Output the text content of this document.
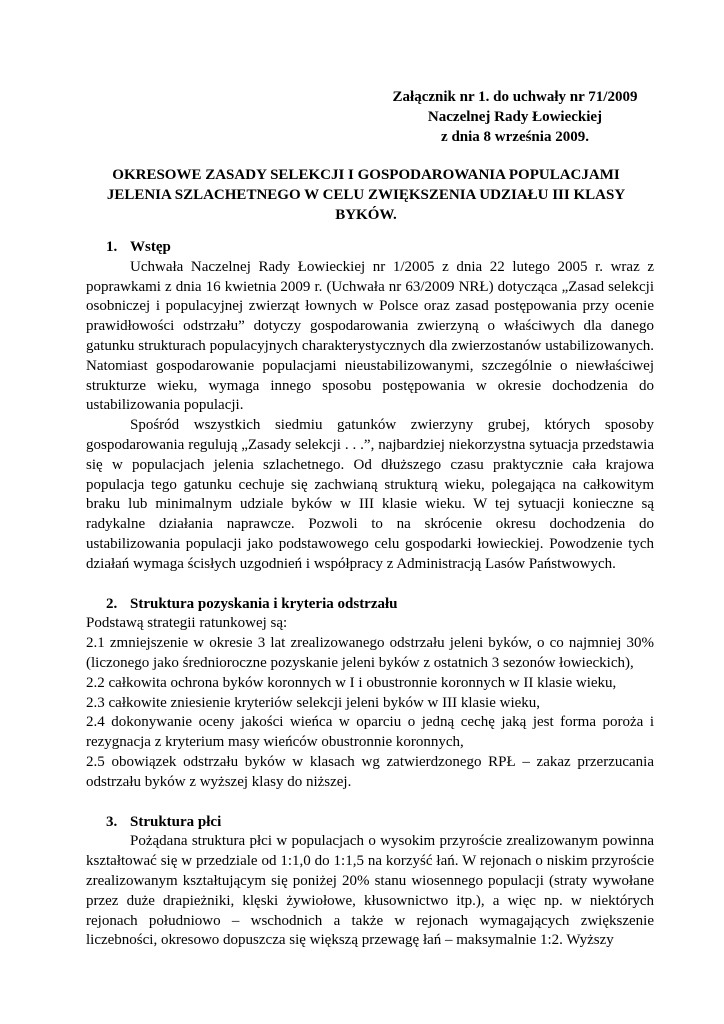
Załącznik nr 1. do uchwały nr 71/2009
Naczelnej Rady Łowieckiej
z dnia 8 września 2009.
OKRESOWE ZASADY SELEKCJI I GOSPODAROWANIA POPULACJAMI JELENIA SZLACHETNEGO W CELU ZWIĘKSZENIA UDZIAŁU III KLASY BYKÓW.
1. Wstęp

Uchwała Naczelnej Rady Łowieckiej nr 1/2005 z dnia 22 lutego 2005 r. wraz z poprawkami z dnia 16 kwietnia 2009 r. (Uchwała nr 63/2009 NRŁ) dotycząca „Zasad selekcji osobniczej i populacyjnej zwierząt łownych w Polsce oraz zasad postępowania przy ocenie prawidłowości odstrzału” dotyczy gospodarowania zwierzyną o właściwych dla danego gatunku strukturach populacyjnych charakterystycznych dla zwierzostanów ustabilizowanych. Natomiast gospodarowanie populacjami nieustabilizowanymi, szczególnie o niewłaściwej strukturze wieku, wymaga innego sposobu postępowania w okresie dochodzenia do ustabilizowania populacji.

Spośród wszystkich siedmiu gatunków zwierzyny grubej, których sposoby gospodarowania regulują „Zasady selekcji . . .”, najbardziej niekorzystna sytuacja przedstawia się w populacjach jelenia szlachetnego. Od dłuższego czasu praktycznie cała krajowa populacja tego gatunku cechuje się zachwianą strukturą wieku, polegająca na całkowitym braku lub minimalnym udziale byków w III klasie wieku. W tej sytuacji konieczne są radykalne działania naprawcze. Pozwoli to na skrócenie okresu dochodzenia do ustabilizowania populacji jako podstawowego celu gospodarki łowieckiej. Powodzenie tych działań wymaga ścisłych uzgodnień i współpracy z Administracją Lasów Państwowych.

2. Struktura pozyskania i kryteria odstrzału

Podstawą strategii ratunkowej są:

2.1 zmniejszenie w okresie 3 lat zrealizowanego odstrzału jeleni byków, o co najmniej 30% (liczonego jako średnioroczne pozyskanie jeleni byków z ostatnich 3 sezonów łowieckich),

2.2 całkowita ochrona byków koronnych w I i obustronnie koronnych w II klasie wieku,

2.3 całkowite zniesienie kryteriów selekcji jeleni byków w III klasie wieku,

2.4 dokonywanie oceny jakości wieńca w oparciu o jedną cechę jaką jest forma poroża i rezygnacja z kryterium masy wieńców obustronnie koronnych,

2.5 obowiązek odstrzału byków w klasach wg zatwierdzonego RPŁ – zakaz przerzucania odstrzału byków z wyższej klasy do niższej.

3. Struktura płci

Pożądana struktura płci w populacjach o wysokim przyroście zrealizowanym powinna kształtować się w przedziale od 1:1,0 do 1:1,5 na korzyść łań. W rejonach o niskim przyroście zrealizowanym kształtującym się poniżej 20% stanu wiosennego populacji (straty wywołane przez duże drapieżniki, klęski żywiołowe, kłusownictwo itp.), a więc np. w niektórych rejonach południowo – wschodnich a także w rejonach wymagających zwiększenie liczebności, okresowo dopuszcza się większą przewagę łań – maksymalnie 1:2. Wyższy
